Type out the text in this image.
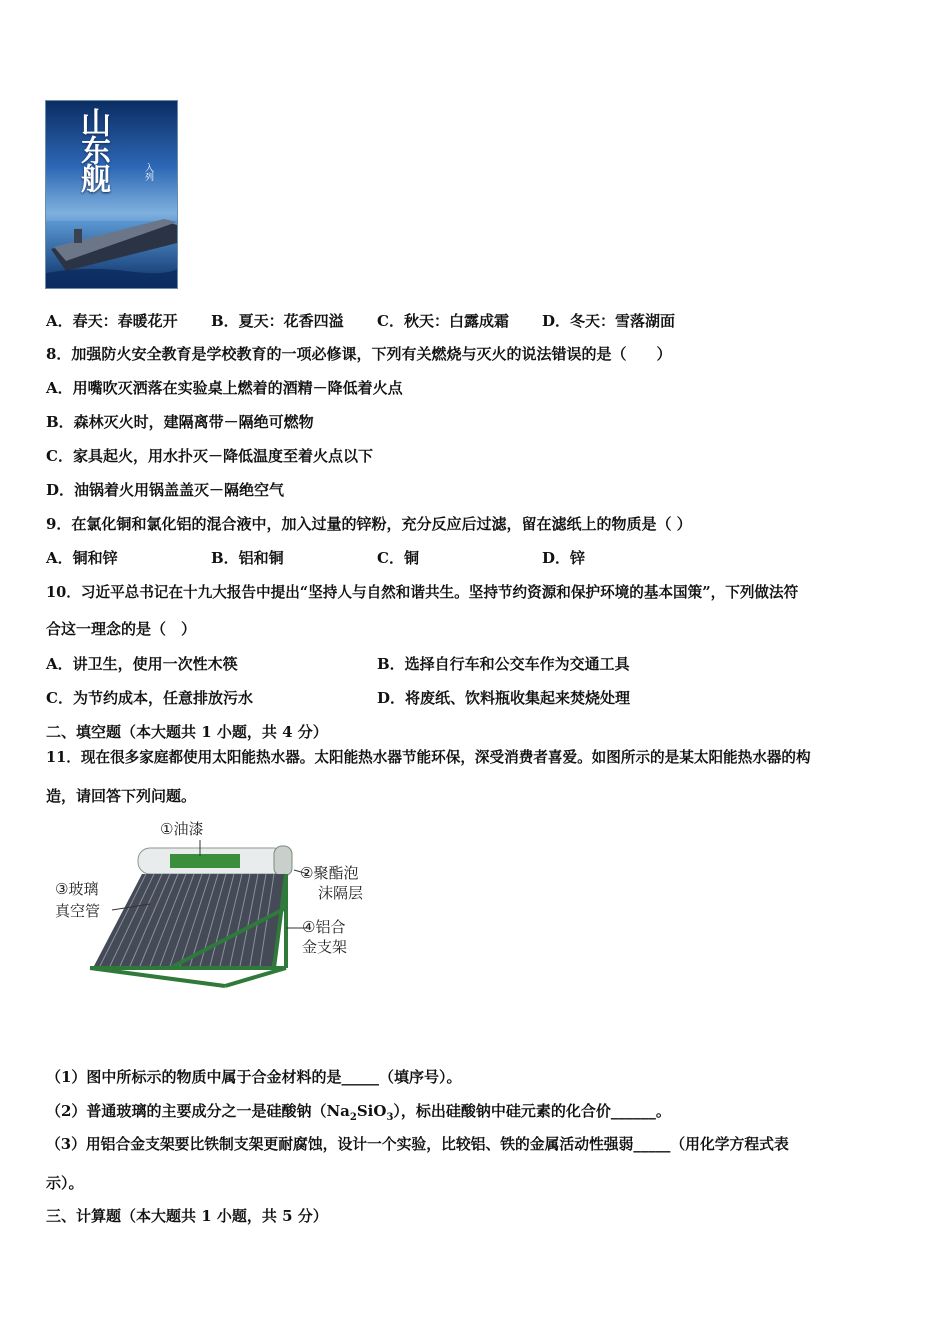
山东舰	入列
A．春天：春暖花开 B．夏天：花香四溢 C．秋天：白露成霜 D．冬天：雪落湖面
8．加强防火安全教育是学校教育的一项必修课，下列有关燃烧与灭火的说法错误的是（　　）
A．用嘴吹灭洒落在实验桌上燃着的酒精－降低着火点
B．森林灭火时，建隔离带－隔绝可燃物
C．家具起火，用水扑灭－降低温度至着火点以下
D．油锅着火用锅盖盖灭－隔绝空气
9．在氯化铜和氯化铝的混合液中，加入过量的锌粉，充分反应后过滤，留在滤纸上的物质是（ ）
A．铜和锌	B．铝和铜	C．铜	D．锌
10．习近平总书记在十九大报告中提出“坚持人与自然和谐共生。坚持节约资源和保护环境的基本国策”，下列做法符
合这一理念的是（　）
A．讲卫生，使用一次性木筷	B．选择自行车和公交车作为交通工具
C．为节约成本，任意排放污水	D．将废纸、饮料瓶收集起来焚烧处理
二、填空题（本大题共 1 小题，共 4 分）
11．现在很多家庭都使用太阳能热水器。太阳能热水器节能环保，深受消费者喜爱。如图所示的是某太阳能热水器的构
造，请回答下列问题。
①油漆
②聚酯泡
沫隔层
③玻璃
真空管
④铝合
金支架
（1）图中所标示的物质中属于合金材料的是_____（填序号）。
（2）普通玻璃的主要成分之一是硅酸钠$(Na_2SiO_3)$，标出硅酸钠中硅元素的化合价______。
（3）用铝合金支架要比铁制支架更耐腐蚀，设计一个实验，比较铝、铁的金属活动性强弱_____（用化学方程式表
示）。
三、计算题（本大题共 1 小题，共 5 分）
